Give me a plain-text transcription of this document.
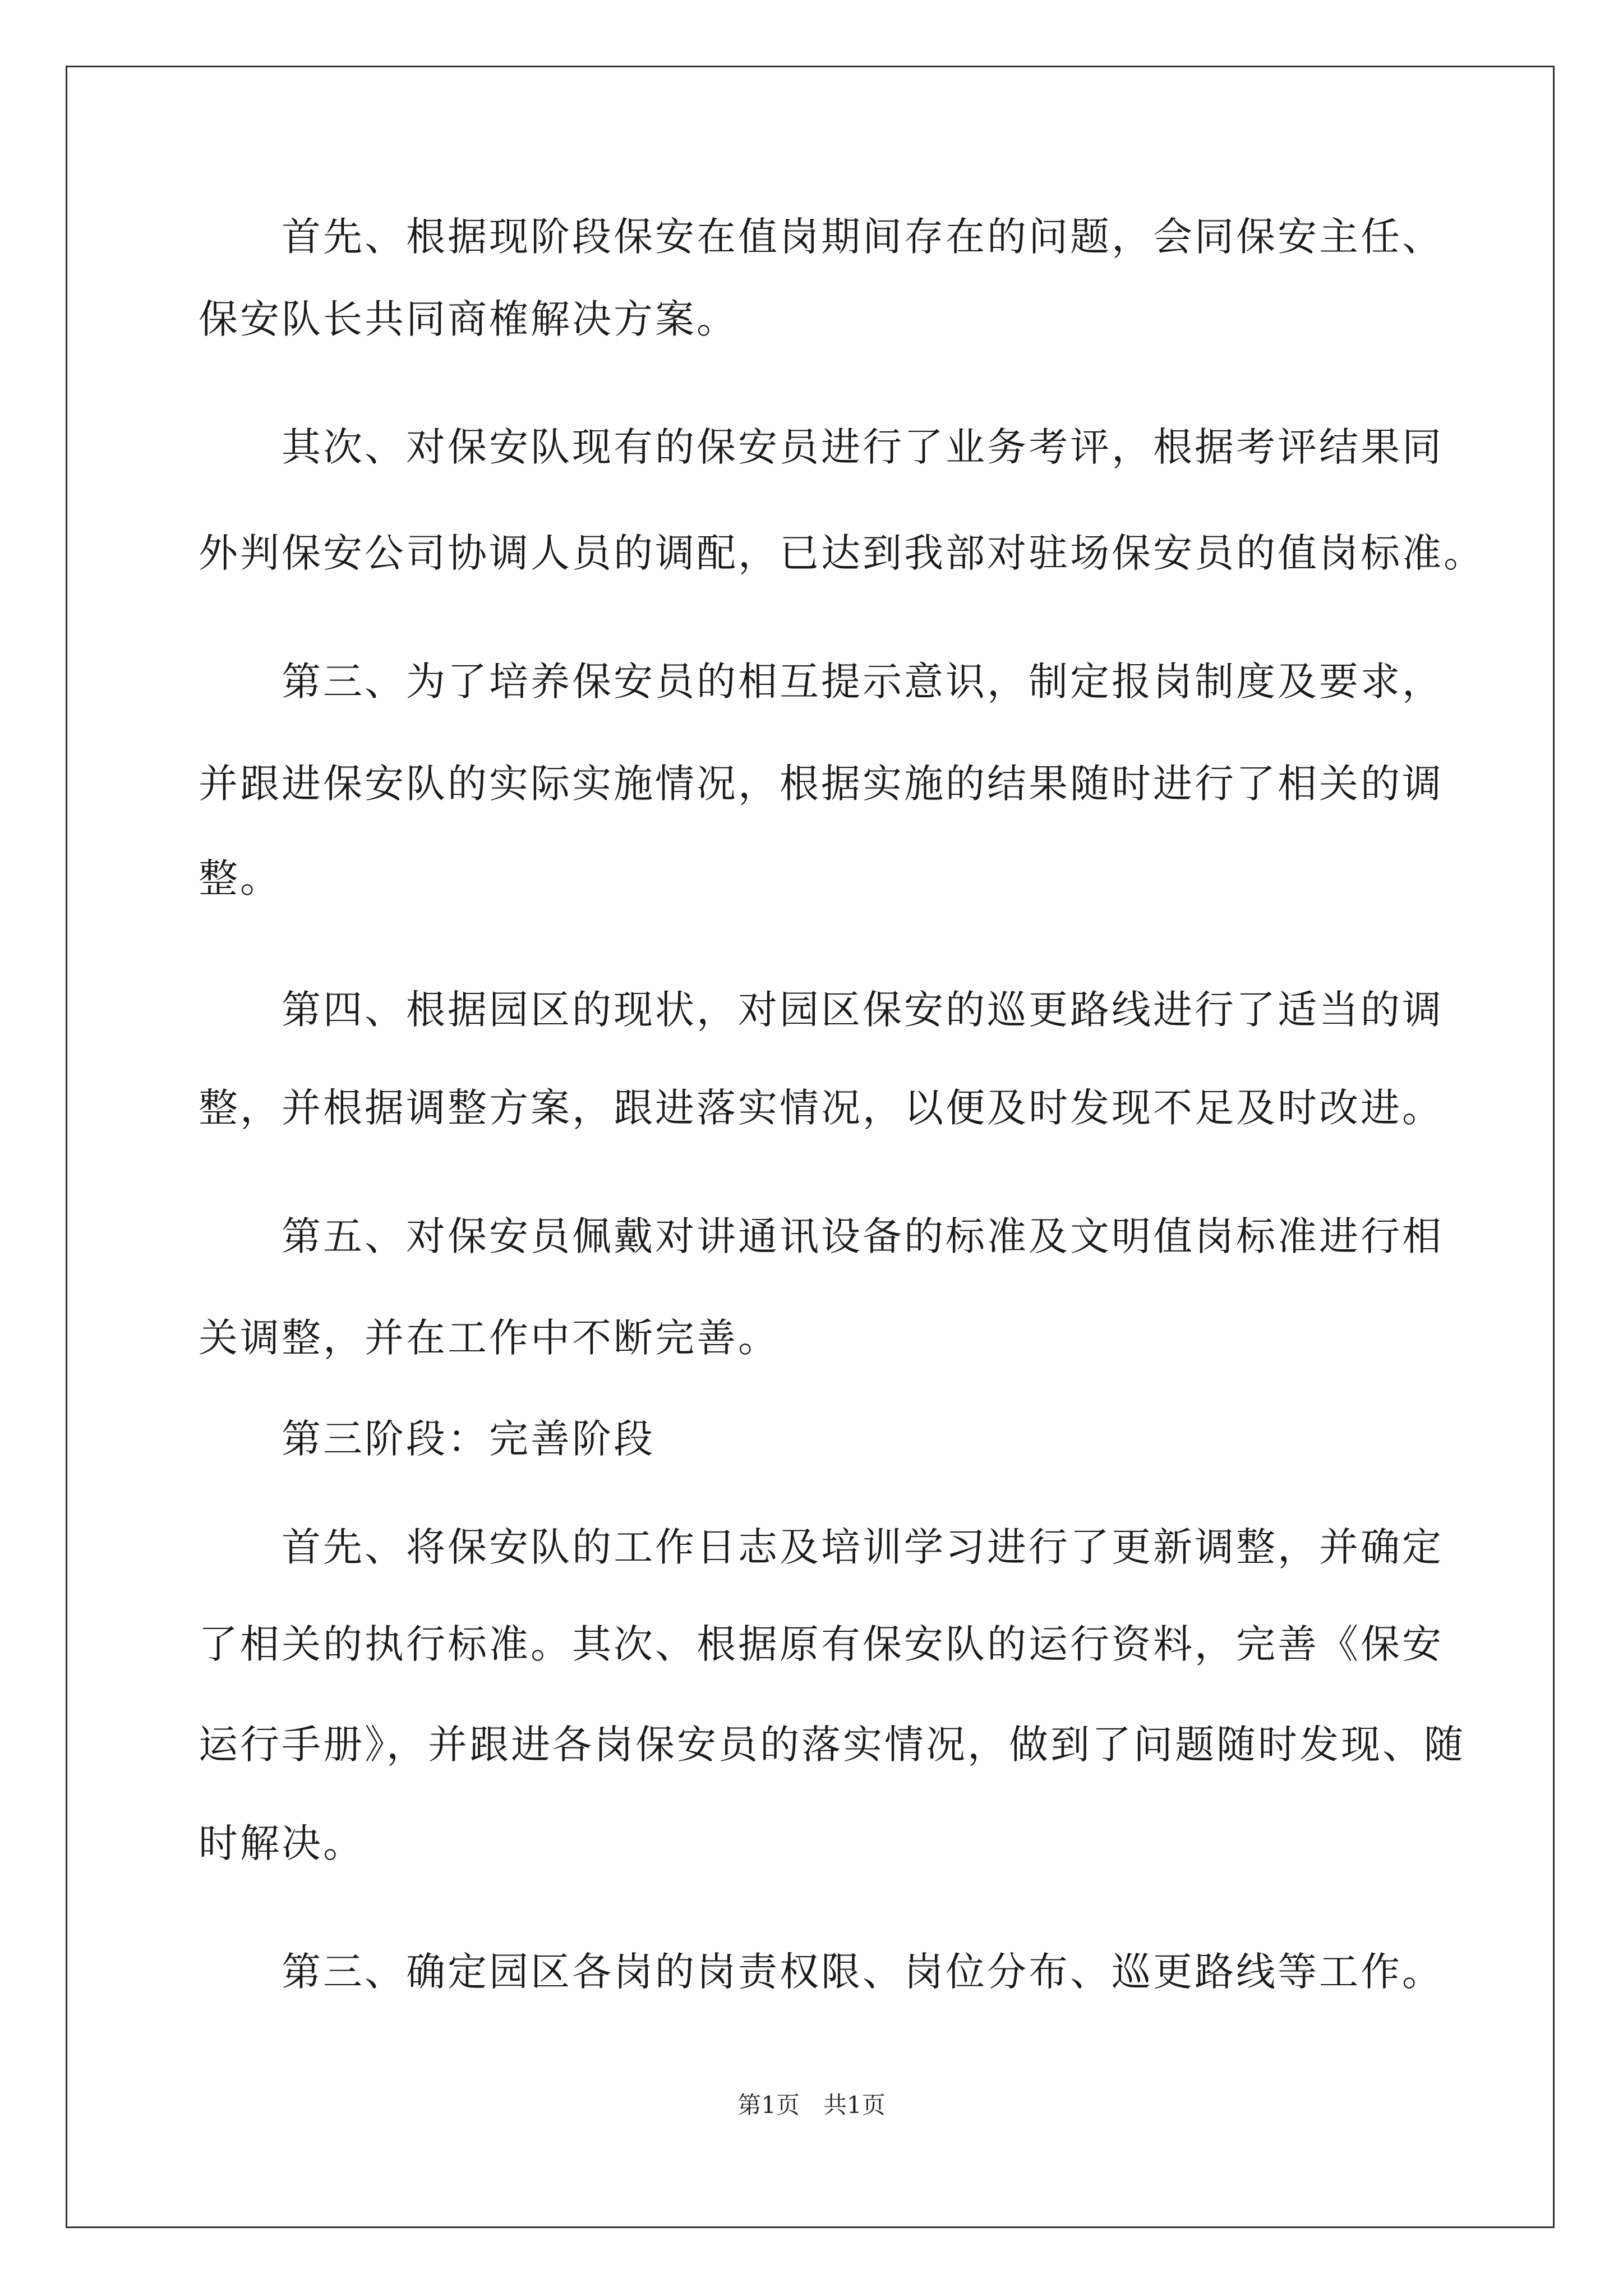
　　首先、根据现阶段保安在值岗期间存在的问题，会同保安主任、
保安队长共同商榷解决方案。
　　其次、对保安队现有的保安员进行了业务考评，根据考评结果同
外判保安公司协调人员的调配，已达到我部对驻场保安员的值岗标准。
　　第三、为了培养保安员的相互提示意识，制定报岗制度及要求，
并跟进保安队的实际实施情况，根据实施的结果随时进行了相关的调
整。
　　第四、根据园区的现状，对园区保安的巡更路线进行了适当的调
整，并根据调整方案，跟进落实情况，以便及时发现不足及时改进。
　　第五、对保安员佩戴对讲通讯设备的标准及文明值岗标准进行相
关调整，并在工作中不断完善。
　　第三阶段：完善阶段
　　首先、将保安队的工作日志及培训学习进行了更新调整，并确定
了相关的执行标准。其次、根据原有保安队的运行资料，完善《保安
运行手册》，并跟进各岗保安员的落实情况，做到了问题随时发现、随
时解决。
　　第三、确定园区各岗的岗责权限、岗位分布、巡更路线等工作。
第1页　共1页
